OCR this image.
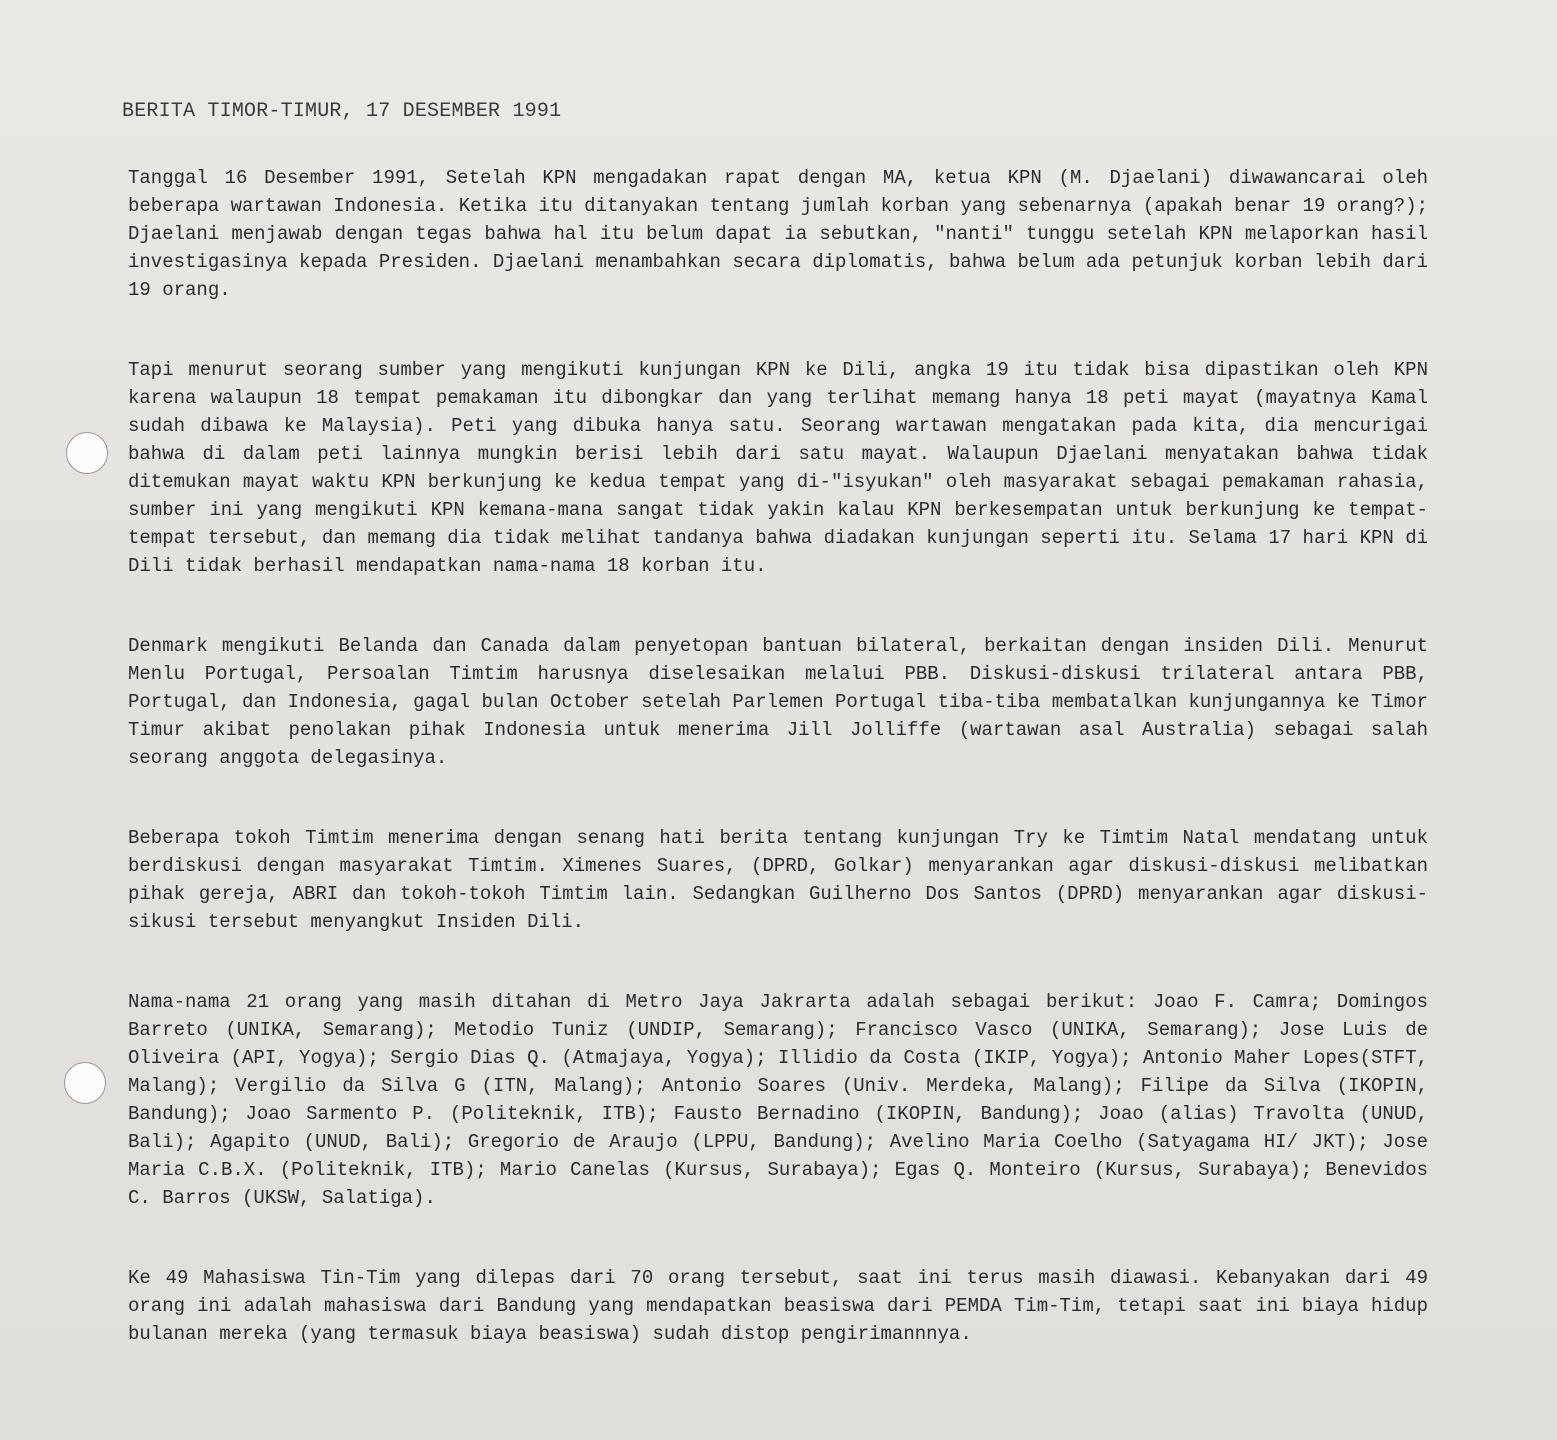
BERITA TIMOR-TIMUR, 17 DESEMBER 1991

Tanggal 16 Desember 1991, Setelah KPN mengadakan rapat dengan MA, ketua KPN (M. Djaelani) diwawancarai oleh beberapa wartawan Indonesia. Ketika itu ditanyakan tentang jumlah korban yang sebenarnya (apakah benar 19 orang?); Djaelani menjawab dengan tegas bahwa hal itu belum dapat ia sebutkan, "nanti" tunggu setelah KPN melaporkan hasil investigasinya kepada Presiden. Djaelani menambahkan secara diplomatis, bahwa belum ada petunjuk korban lebih dari 19 orang.

Tapi menurut seorang sumber yang mengikuti kunjungan KPN ke Dili, angka 19 itu tidak bisa dipastikan oleh KPN karena walaupun 18 tempat pemakaman itu dibongkar dan yang terlihat memang hanya 18 peti mayat (mayatnya Kamal sudah dibawa ke Malaysia). Peti yang dibuka hanya satu. Seorang wartawan mengatakan pada kita, dia mencurigai bahwa di dalam peti lainnya mungkin berisi lebih dari satu mayat. Walaupun Djaelani menyatakan bahwa tidak ditemukan mayat waktu KPN berkunjung ke kedua tempat yang di-"isyukan" oleh masyarakat sebagai pemakaman rahasia, sumber ini yang mengikuti KPN kemana-mana sangat tidak yakin kalau KPN berkesempatan untuk berkunjung ke tempat-tempat tersebut, dan memang dia tidak melihat tandanya bahwa diadakan kunjungan seperti itu. Selama 17 hari KPN di Dili tidak berhasil mendapatkan nama-nama 18 korban itu.

Denmark mengikuti Belanda dan Canada dalam penyetopan bantuan bilateral, berkaitan dengan insiden Dili. Menurut Menlu Portugal, Persoalan Timtim harusnya diselesaikan melalui PBB. Diskusi-diskusi trilateral antara PBB, Portugal, dan Indonesia, gagal bulan October setelah Parlemen Portugal tiba-tiba membatalkan kunjungannya ke Timor Timur akibat penolakan pihak Indonesia untuk menerima Jill Jolliffe (wartawan asal Australia) sebagai salah seorang anggota delegasinya.

Beberapa tokoh Timtim menerima dengan senang hati berita tentang kunjungan Try ke Timtim Natal mendatang untuk berdiskusi dengan masyarakat Timtim. Ximenes Suares, (DPRD, Golkar) menyarankan agar diskusi-diskusi melibatkan pihak gereja, ABRI dan tokoh-tokoh Timtim lain. Sedangkan Guilherno Dos Santos (DPRD) menyarankan agar diskusi-sikusi tersebut menyangkut Insiden Dili.

Nama-nama 21 orang yang masih ditahan di Metro Jaya Jakrarta adalah sebagai berikut: Joao F. Camra; Domingos Barreto (UNIKA, Semarang); Metodio Tuniz (UNDIP, Semarang); Francisco Vasco (UNIKA, Semarang); Jose Luis de Oliveira (API, Yogya); Sergio Dias Q. (Atmajaya, Yogya); Illidio da Costa (IKIP, Yogya); Antonio Maher Lopes(STFT, Malang); Vergilio da Silva G (ITN, Malang); Antonio Soares (Univ. Merdeka, Malang); Filipe da Silva (IKOPIN, Bandung); Joao Sarmento P. (Politeknik, ITB); Fausto Bernadino (IKOPIN, Bandung); Joao (alias) Travolta (UNUD, Bali); Agapito (UNUD, Bali); Gregorio de Araujo (LPPU, Bandung); Avelino Maria Coelho (Satyagama HI/ JKT); Jose Maria C.B.X. (Politeknik, ITB); Mario Canelas (Kursus, Surabaya); Egas Q. Monteiro (Kursus, Surabaya); Benevidos C. Barros (UKSW, Salatiga).

Ke 49 Mahasiswa Tin-Tim yang dilepas dari 70 orang tersebut, saat ini terus masih diawasi. Kebanyakan dari 49 orang ini adalah mahasiswa dari Bandung yang mendapatkan beasiswa dari PEMDA Tim-Tim, tetapi saat ini biaya hidup bulanan mereka (yang termasuk biaya beasiswa) sudah distop pengirimannnya.
